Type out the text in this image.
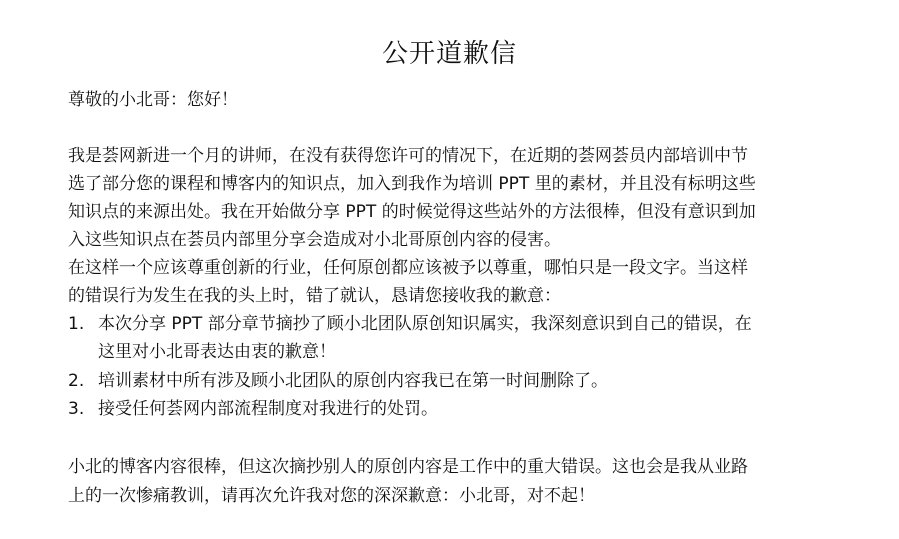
公开道歉信
尊敬的小北哥：您好！
我是荟网新进一个月的讲师，在没有获得您许可的情况下，在近期的荟网荟员内部培训中节
选了部分您的课程和博客内的知识点，加入到我作为培训 PPT 里的素材，并且没有标明这些
知识点的来源出处。我在开始做分享 PPT 的时候觉得这些站外的方法很棒，但没有意识到加
入这些知识点在荟员内部里分享会造成对小北哥原创内容的侵害。
在这样一个应该尊重创新的行业，任何原创都应该被予以尊重，哪怕只是一段文字。当这样
的错误行为发生在我的头上时，错了就认，恳请您接收我的歉意：
1. 本次分享 PPT 部分章节摘抄了顾小北团队原创知识属实，我深刻意识到自己的错误，在
这里对小北哥表达由衷的歉意！
2. 培训素材中所有涉及顾小北团队的原创内容我已在第一时间删除了。
3. 接受任何荟网内部流程制度对我进行的处罚。
小北的博客内容很棒，但这次摘抄别人的原创内容是工作中的重大错误。这也会是我从业路
上的一次惨痛教训，请再次允许我对您的深深歉意：小北哥，对不起！
